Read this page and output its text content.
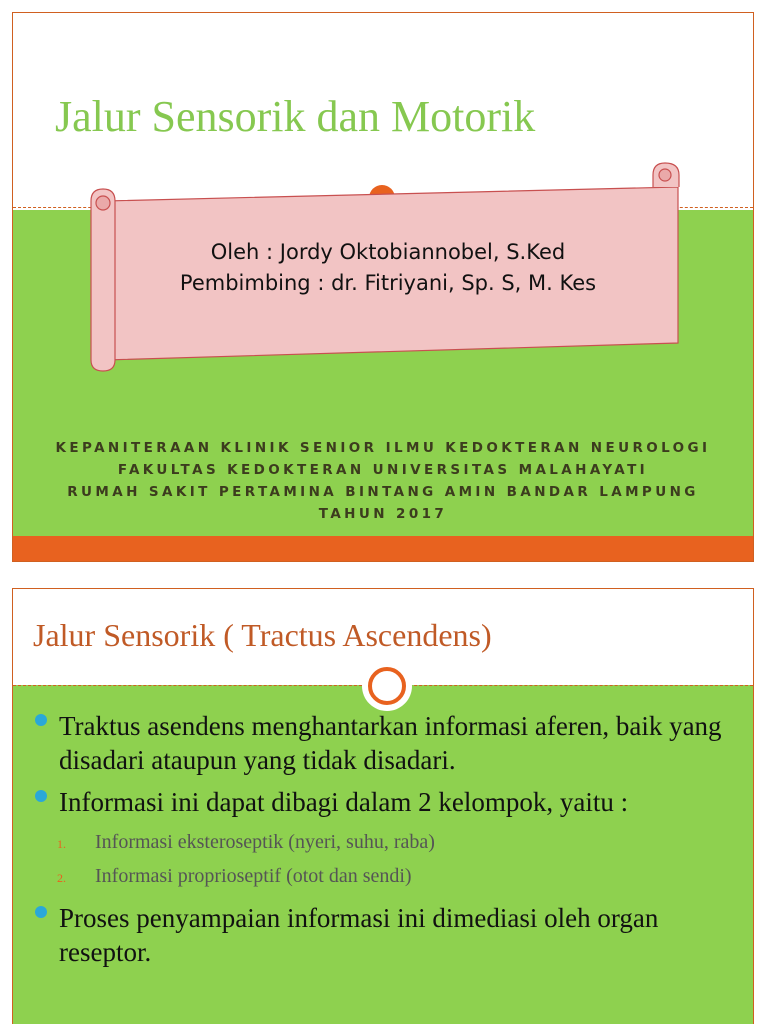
Jalur Sensorik dan Motorik
Oleh : Jordy Oktobiannobel, S.Ked
Pembimbing : dr. Fitriyani, Sp. S, M. Kes
KEPANITERAAN KLINIK SENIOR ILMU KEDOKTERAN NEUROLOGI
FAKULTAS KEDOKTERAN UNIVERSITAS MALAHAYATI
RUMAH SAKIT PERTAMINA BINTANG AMIN BANDAR LAMPUNG
TAHUN 2017
Jalur Sensorik ( Tractus Ascendens)
Traktus asendens menghantarkan informasi aferen, baik yang disadari ataupun yang tidak disadari.
Informasi ini dapat dibagi dalam 2 kelompok, yaitu :
1. Informasi eksteroseptik (nyeri, suhu, raba)
2. Informasi proprioseptif (otot dan sendi)
Proses penyampaian informasi ini dimediasi oleh organ reseptor.
